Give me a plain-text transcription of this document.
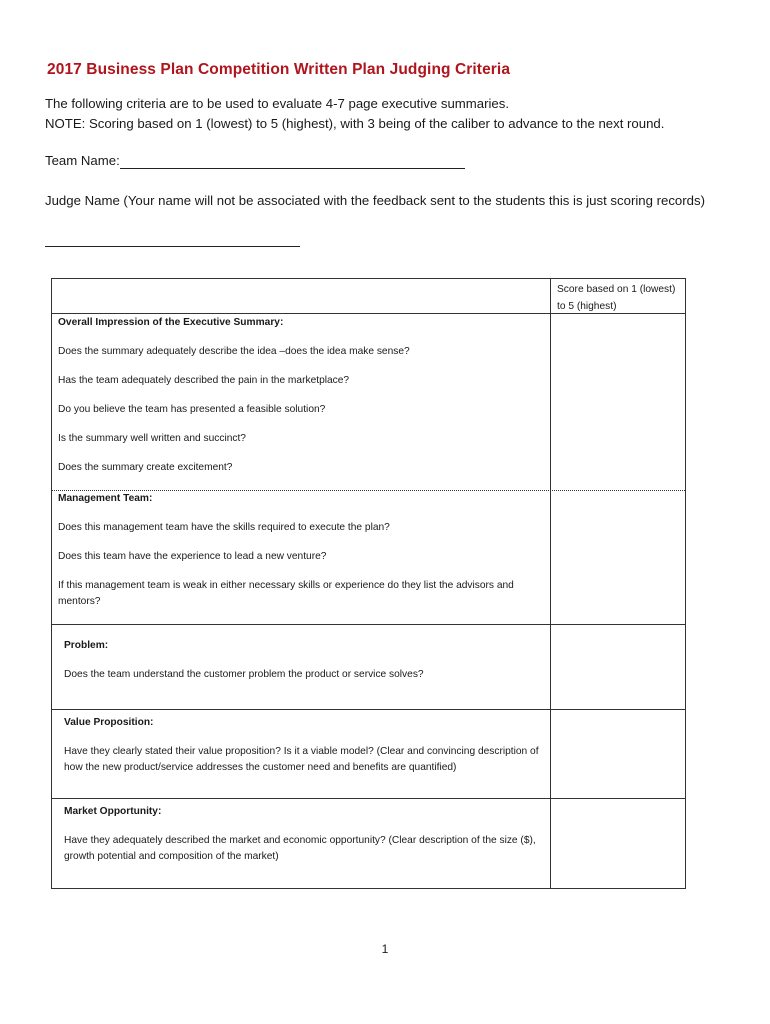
2017 Business Plan Competition Written Plan Judging Criteria
The following criteria are to be used to evaluate 4-7 page executive summaries.
NOTE: Scoring based on 1 (lowest) to 5 (highest), with 3 being of the caliber to advance to the next round.
Team Name:
Judge Name (Your name will not be associated with the feedback sent to the students this is just scoring records)
Score based on 1 (lowest)
to 5 (highest)
Overall Impression of the Executive Summary:
Does the summary adequately describe the idea –does the idea make sense?
Has the team adequately described the pain in the marketplace?
Do you believe the team has presented a feasible solution?
Is the summary well written and succinct?
Does the summary create excitement?
Management Team:
Does this management team have the skills required to execute the plan?
Does this team have the experience to lead a new venture?
If this management team is weak in either necessary skills or experience do they list the advisors and mentors?
Problem:
Does the team understand the customer problem the product or service solves?
Value Proposition:
Have they clearly stated their value proposition? Is it a viable model? (Clear and convincing description of how the new product/service addresses the customer need and benefits are quantified)
Market Opportunity:
Have they adequately described the market and economic opportunity? (Clear description of the size ($), growth potential and composition of the market)
1
